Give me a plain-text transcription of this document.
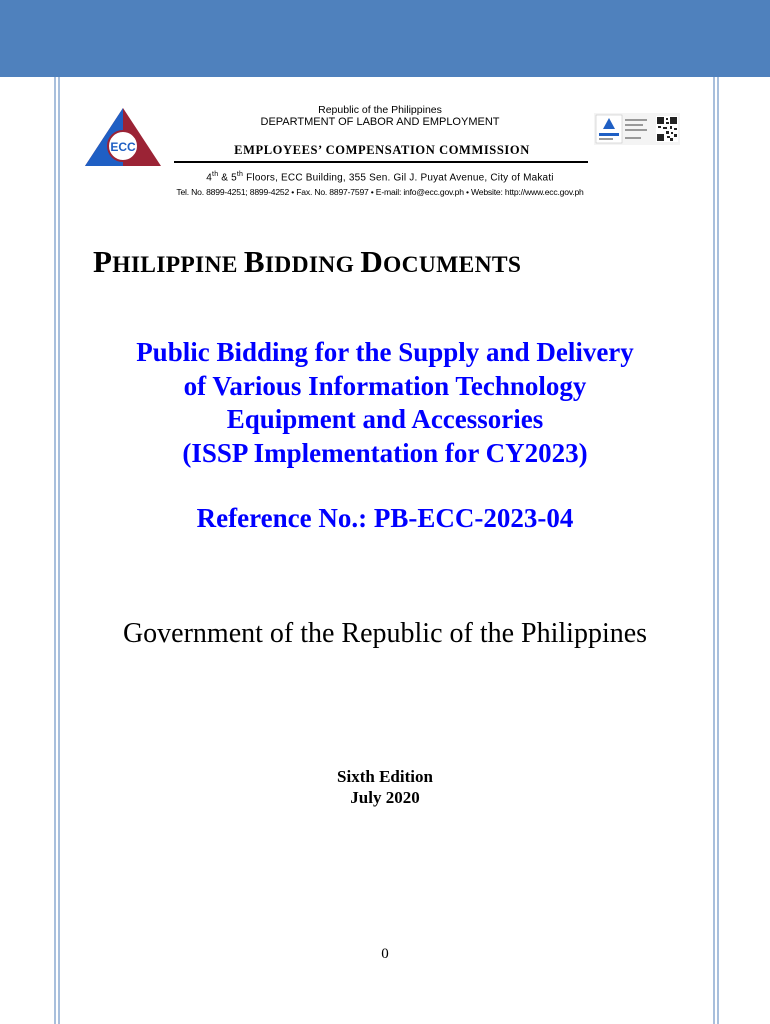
ECC
Republic of the Philippines
DEPARTMENT OF LABOR AND EMPLOYMENT
EMPLOYEES’ COMPENSATION COMMISSION
4th & 5th Floors, ECC Building, 355 Sen. Gil J. Puyat Avenue, City of Makati
Tel. No. 8899-4251; 8899-4252 • Fax. No. 8897-7597 • E-mail: info@ecc.gov.ph • Website: http://www.ecc.gov.ph
PHILIPPINE BIDDING DOCUMENTS
Public Bidding for the Supply and Delivery
of Various Information Technology
Equipment and Accessories
(ISSP Implementation for CY2023)
Reference No.: PB-ECC-2023-04
Government of the Republic of the Philippines
Sixth Edition
July 2020
0
